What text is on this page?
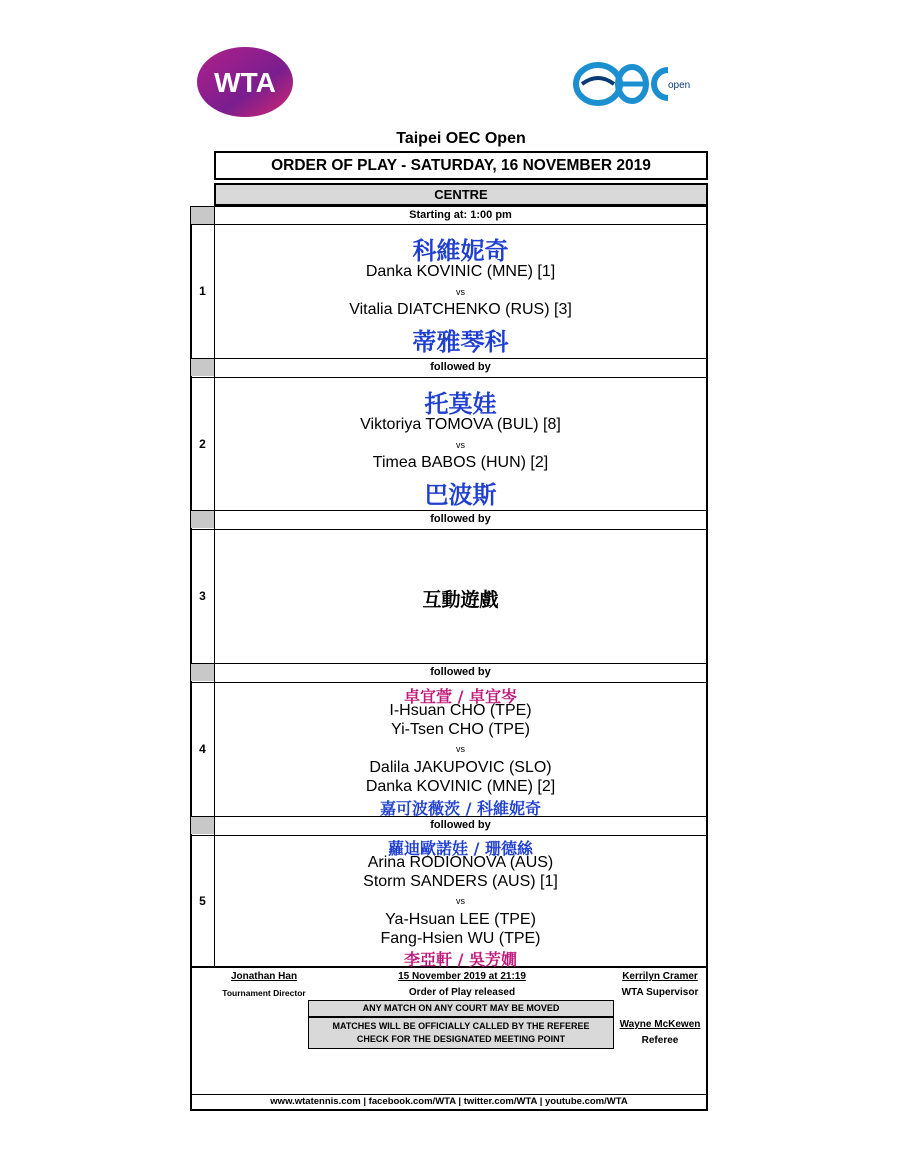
WTA	open
Taipei OEC Open
ORDER OF PLAY - SATURDAY, 16 NOVEMBER 2019
CENTRE
Starting at: 1:00 pm
followed by
followed by
followed by
followed by
1
科維妮奇
Danka KOVINIC (MNE) [1]
vs
Vitalia DIATCHENKO (RUS) [3]
蒂雅琴科
2
托莫娃
Viktoriya TOMOVA (BUL) [8]
vs
Timea BABOS (HUN) [2]
巴波斯
3	互動遊戲
4
卓宜萱 / 卓宜岑
I-Hsuan CHO (TPE)
Yi-Tsen CHO (TPE)
vs
Dalila JAKUPOVIC (SLO)
Danka KOVINIC (MNE) [2]
嘉可波薇茨 / 科維妮奇
5
蘿迪歐諾娃 / 珊德絲
Arina RODIONOVA (AUS)
Storm SANDERS (AUS) [1]
vs
Ya-Hsuan LEE (TPE)
Fang-Hsien WU (TPE)
李亞軒 / 吳芳嫺
Jonathan Han
Tournament Director
15 November 2019 at 21:19
Order of Play released
Kerrilyn Cramer
WTA Supervisor
Wayne McKewen
Referee
ANY MATCH ON ANY COURT MAY BE MOVED
MATCHES WILL BE OFFICIALLY CALLED BY THE REFEREE
CHECK FOR THE DESIGNATED MEETING POINT
www.wtatennis.com | facebook.com/WTA | twitter.com/WTA | youtube.com/WTA
